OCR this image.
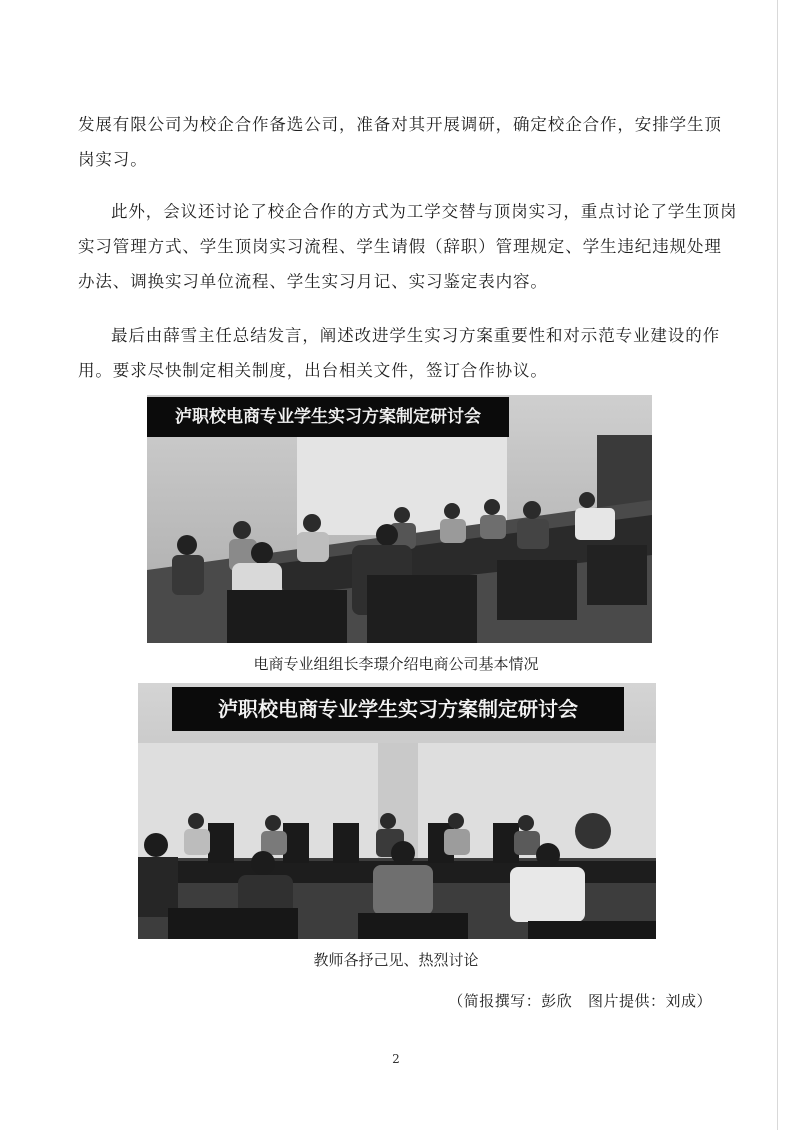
发展有限公司为校企合作备选公司，准备对其开展调研，确定校企合作，安排学生顶岗实习。

此外，会议还讨论了校企合作的方式为工学交替与顶岗实习，重点讨论了学生顶岗实习管理方式、学生顶岗实习流程、学生请假（辞职）管理规定、学生违纪违规处理办法、调换实习单位流程、学生实习月记、实习鉴定表内容。

最后由薛雪主任总结发言，阐述改进学生实习方案重要性和对示范专业建设的作用。要求尽快制定相关制度，出台相关文件，签订合作协议。

泸职校电商专业学生实习方案制定研讨会
电商专业组组长李璟介绍电商公司基本情况
泸职校电商专业学生实习方案制定研讨会
教师各抒己见、热烈讨论
（简报撰写：彭欣   图片提供：刘成）
2
